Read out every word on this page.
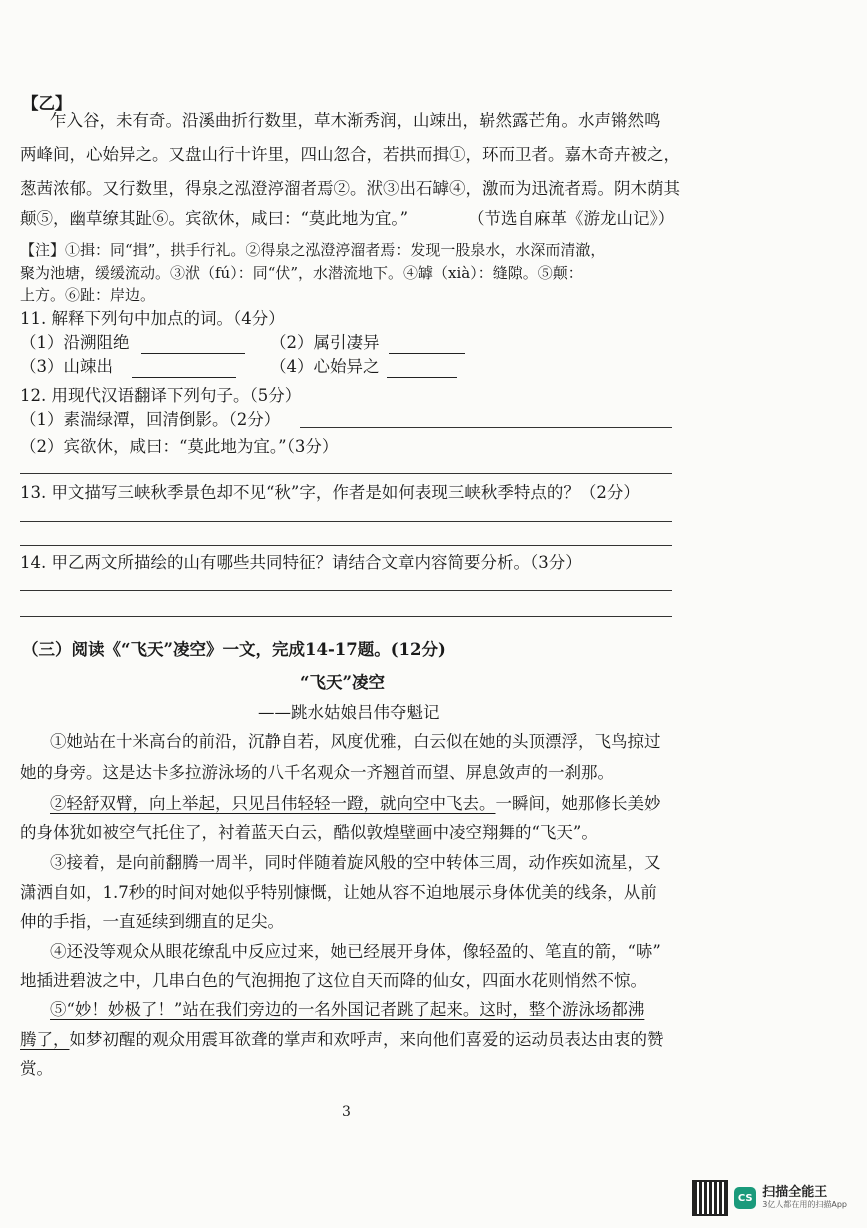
【乙】
乍入谷，未有奇。沿溪曲折行数里，草木渐秀润，山竦出，崭然露芒角。水声锵然鸣
两峰间，心始异之。又盘山行十许里，四山忽合，若拱而揖①，环而卫者。嘉木奇卉被之，
葱茜浓郁。又行数里，得泉之泓澄渟溜者焉②。洑③出石罅④，激而为迅流者焉。阴木荫其
颠⑤，幽草缭其趾⑥。宾欲休，咸曰：“莫此地为宜。”	（节选自麻革《游龙山记》）
【注】①揖：同“揖”，拱手行礼。②得泉之泓澄渟溜者焉：发现一股泉水，水深而清澈，
聚为池塘，缓缓流动。③洑（fú）：同“伏”，水潜流地下。④罅（xià）：缝隙。⑤颠：
上方。⑥趾：岸边。
11. 解释下列句中加点的词。（4分）
（1）沿溯阻绝	（2）属引凄异
（3）山竦出	（4）心始异之
12. 用现代汉语翻译下列句子。（5分）
（1）素湍绿潭，回清倒影。（2分）
（2）宾欲休，咸曰：“莫此地为宜。”（3分）
13. 甲文描写三峡秋季景色却不见“秋”字，作者是如何表现三峡秋季特点的？（2分）
14. 甲乙两文所描绘的山有哪些共同特征？请结合文章内容简要分析。（3分）
（三）阅读《“飞天”凌空》一文，完成14-17题。(12分)
“飞天”凌空
——跳水姑娘吕伟夺魁记
①她站在十米高台的前沿，沉静自若，风度优雅，白云似在她的头顶漂浮，飞鸟掠过
她的身旁。这是达卡多拉游泳场的八千名观众一齐翘首而望、屏息敛声的一刹那。
②轻舒双臂，向上举起，只见吕伟轻轻一蹬，就向空中飞去。一瞬间，她那修长美妙
的身体犹如被空气托住了，衬着蓝天白云，酷似敦煌壁画中凌空翔舞的“飞天”。
③接着，是向前翻腾一周半，同时伴随着旋风般的空中转体三周，动作疾如流星，又
潇洒自如，1.7秒的时间对她似乎特别慷慨，让她从容不迫地展示身体优美的线条，从前
伸的手指，一直延续到绷直的足尖。
④还没等观众从眼花缭乱中反应过来，她已经展开身体，像轻盈的、笔直的箭，“哧”
地插进碧波之中，几串白色的气泡拥抱了这位自天而降的仙女，四面水花则悄然不惊。
⑤“妙！妙极了！”站在我们旁边的一名外国记者跳了起来。这时，整个游泳场都沸
腾了，如梦初醒的观众用震耳欲聋的掌声和欢呼声，来向他们喜爱的运动员表达由衷的赞
赏。
3
CS 扫描全能王
3亿人都在用的扫描App
